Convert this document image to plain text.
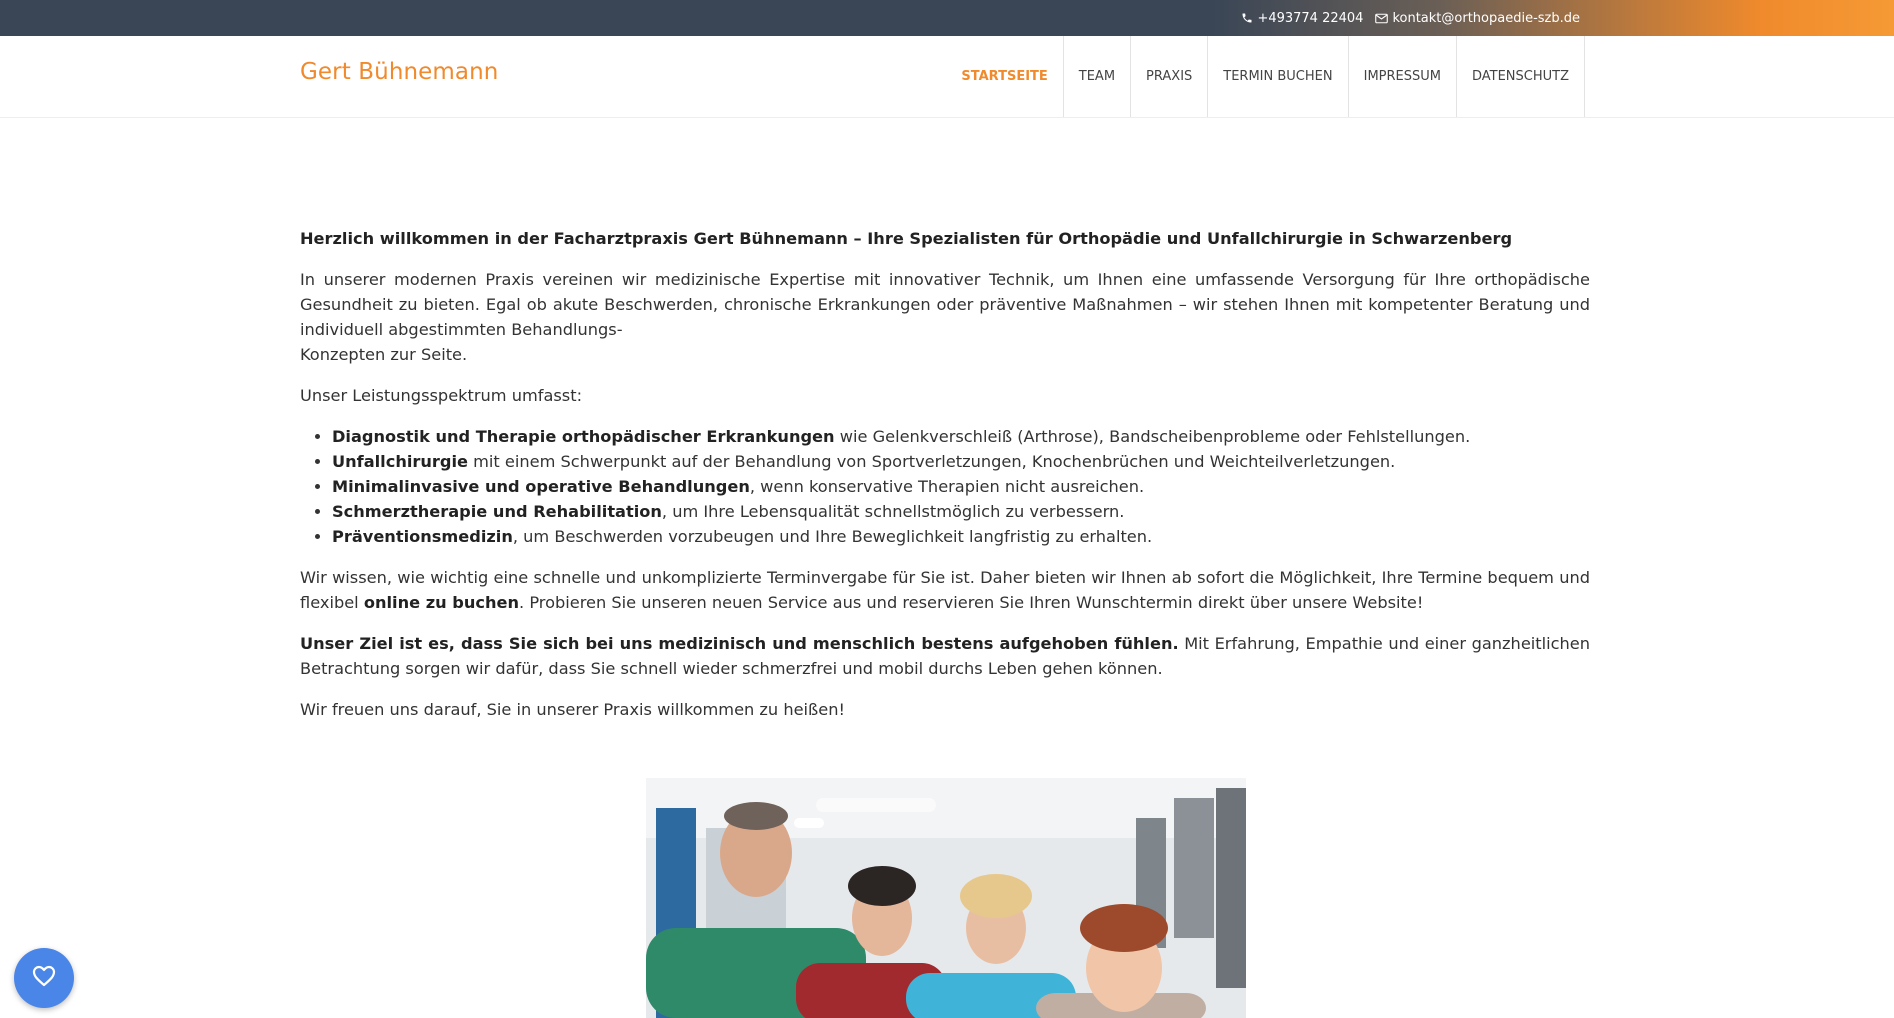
+493774 22404 kontakt@orthopaedie-szb.de
Gert Bühnemann	STARTSEITE	TEAM	PRAXIS	TERMIN BUCHEN	IMPRESSUM	DATENSCHUTZ

Herzlich willkommen in der Facharztpraxis Gert Bühnemann – Ihre Spezialisten für Orthopädie und Unfallchirurgie in Schwarzenberg

In unserer modernen Praxis vereinen wir medizinische Expertise mit innovativer Technik, um Ihnen eine umfassende Versorgung für Ihre orthopädische Gesundheit zu bieten. Egal ob akute Beschwerden, chronische Erkrankungen oder präventive Maßnahmen – wir stehen Ihnen mit kompetenter Beratung und individuell abgestimmten Behandlungs-
Konzepten zur Seite.

Unser Leistungsspektrum umfasst:

• Diagnostik und Therapie orthopädischer Erkrankungen wie Gelenkverschleiß (Arthrose), Bandscheibenprobleme oder Fehlstellungen.
• Unfallchirurgie mit einem Schwerpunkt auf der Behandlung von Sportverletzungen, Knochenbrüchen und Weichteilverletzungen.
• Minimalinvasive und operative Behandlungen, wenn konservative Therapien nicht ausreichen.
• Schmerztherapie und Rehabilitation, um Ihre Lebensqualität schnellstmöglich zu verbessern.
• Präventionsmedizin, um Beschwerden vorzubeugen und Ihre Beweglichkeit langfristig zu erhalten.

Wir wissen, wie wichtig eine schnelle und unkomplizierte Terminvergabe für Sie ist. Daher bieten wir Ihnen ab sofort die Möglichkeit, Ihre Termine bequem und flexibel online zu buchen. Probieren Sie unseren neuen Service aus und reservieren Sie Ihren Wunschtermin direkt über unsere Website!

Unser Ziel ist es, dass Sie sich bei uns medizinisch und menschlich bestens aufgehoben fühlen. Mit Erfahrung, Empathie und einer ganzheitlichen Betrachtung sorgen wir dafür, dass Sie schnell wieder schmerzfrei und mobil durchs Leben gehen können.

Wir freuen uns darauf, Sie in unserer Praxis willkommen zu heißen!
